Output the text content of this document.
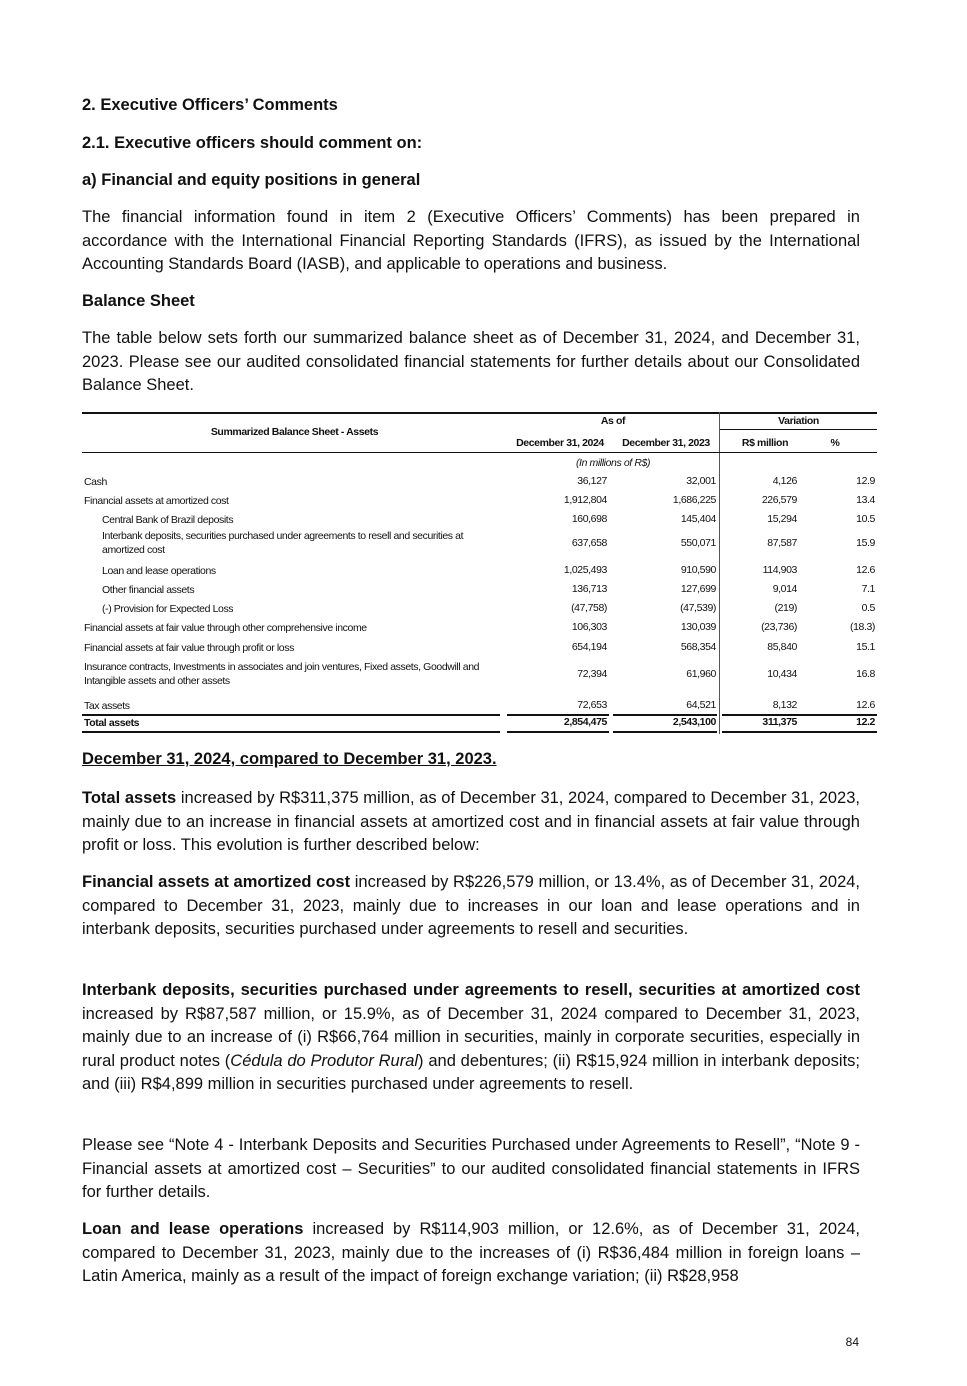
2. Executive Officers’ Comments
2.1. Executive officers should comment on:
a) Financial and equity positions in general
The financial information found in item 2 (Executive Officers’ Comments) has been prepared in accordance with the International Financial Reporting Standards (IFRS), as issued by the International Accounting Standards Board (IASB), and applicable to operations and business.
Balance Sheet
The table below sets forth our summarized balance sheet as of December 31, 2024, and December 31, 2023. Please see our audited consolidated financial statements for further details about our Consolidated Balance Sheet.
Summarized Balance Sheet - Assets
As of	Variation
December 31, 2024	December 31, 2023	R$ million	%
(In millions of R$)
Cash	36,127	32,001	4,126	12.9
Financial assets at amortized cost	1,912,804	1,686,225	226,579	13.4
Central Bank of Brazil deposits	160,698	145,404	15,294	10.5
Interbank deposits, securities purchased under agreements to resell and securities at amortized cost
637,658	550,071	87,587	15.9
Loan and lease operations	1,025,493	910,590	114,903	12.6
Other financial assets	136,713	127,699	9,014	7.1
(-) Provision for Expected Loss	(47,758)	(47,539)	(219)	0.5
Financial assets at fair value through other comprehensive income	106,303	130,039	(23,736)	(18.3)
Financial assets at fair value through profit or loss	654,194	568,354	85,840	15.1
Insurance contracts, Investments in associates and join ventures, Fixed assets, Goodwill and Intangible assets and other assets
72,394	61,960	10,434	16.8
Tax assets	72,653	64,521	8,132	12.6
Total assets	2,854,475	2,543,100	311,375	12.2
December 31, 2024, compared to December 31, 2023.
Total assets increased by R$311,375 million, as of December 31, 2024, compared to December 31, 2023, mainly due to an increase in financial assets at amortized cost and in financial assets at fair value through profit or loss. This evolution is further described below:
Financial assets at amortized cost increased by R$226,579 million, or 13.4%, as of December 31, 2024, compared to December 31, 2023, mainly due to increases in our loan and lease operations and in interbank deposits, securities purchased under agreements to resell and securities.
Interbank deposits, securities purchased under agreements to resell, securities at amortized cost increased by R$87,587 million, or 15.9%, as of December 31, 2024 compared to December 31, 2023, mainly due to an increase of (i) R$66,764 million in securities, mainly in corporate securities, especially in rural product notes (Cédula do Produtor Rural) and debentures; (ii) R$15,924 million in interbank deposits; and (iii) R$4,899 million in securities purchased under agreements to resell.
Please see “Note 4 - Interbank Deposits and Securities Purchased under Agreements to Resell”, “Note 9 - Financial assets at amortized cost – Securities” to our audited consolidated financial statements in IFRS for further details.
Loan and lease operations increased by R$114,903 million, or 12.6%, as of December 31, 2024, compared to December 31, 2023, mainly due to the increases of (i) R$36,484 million in foreign loans – Latin America, mainly as a result of the impact of foreign exchange variation; (ii) R$28,958
84
